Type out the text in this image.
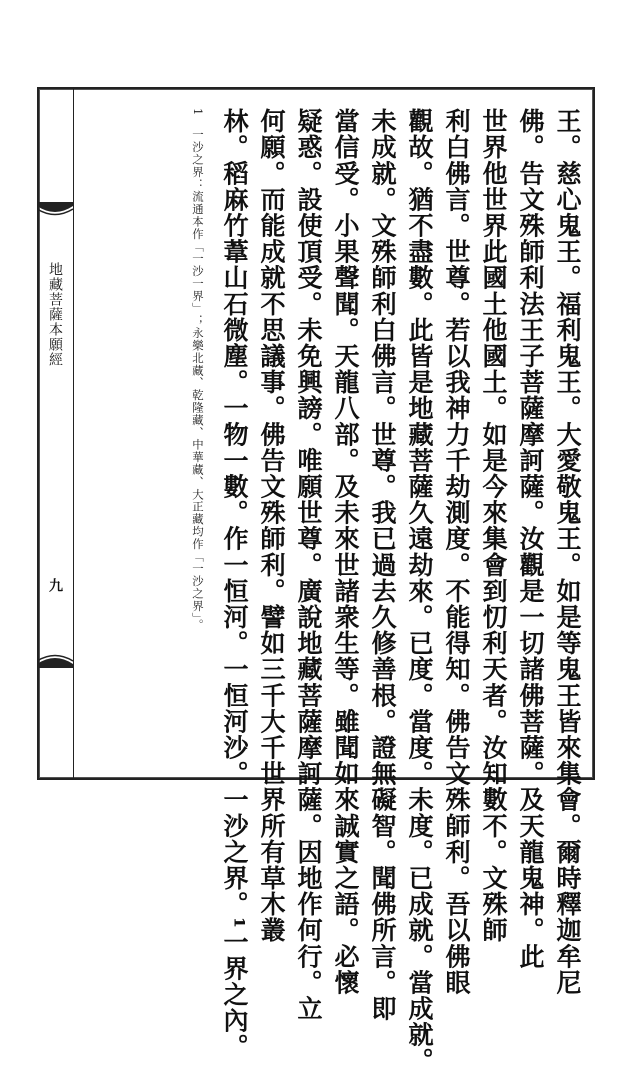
地藏菩薩本願經
九	王。慈心鬼王。福利鬼王。大愛敬鬼王。如是等鬼王皆來集會。爾時釋迦牟尼
佛。告文殊師利法王子菩薩摩訶薩。汝觀是一切諸佛菩薩。及天龍鬼神。此
世界他世界此國土他國土。如是今來集會到忉利天者。汝知數不。文殊師
利白佛言。世尊。若以我神力千劫測度。不能得知。佛告文殊師利。吾以佛眼
觀故。猶不盡數。此皆是地藏菩薩久遠劫來。已度。當度。未度。已成就。當成就。
未成就。文殊師利白佛言。世尊。我已過去久修善根。證無礙智。聞佛所言。即
當信受。小果聲聞。天龍八部。及未來世諸衆生等。雖聞如來誠實之語。必懷
疑惑。設使頂受。未免興謗。唯願世尊。廣說地藏菩薩摩訶薩。因地作何行。立
何願。而能成就不思議事。佛告文殊師利。譬如三千大千世界所有草木叢
林。稻麻竹葦山石微塵。一物一數。作一恒河。一恒河沙。一沙之界。¹一界之內。
1　一沙之界：流通本作「一沙一界」；永樂北藏、乾隆藏、中華藏、大正藏均作「一沙之界」。
